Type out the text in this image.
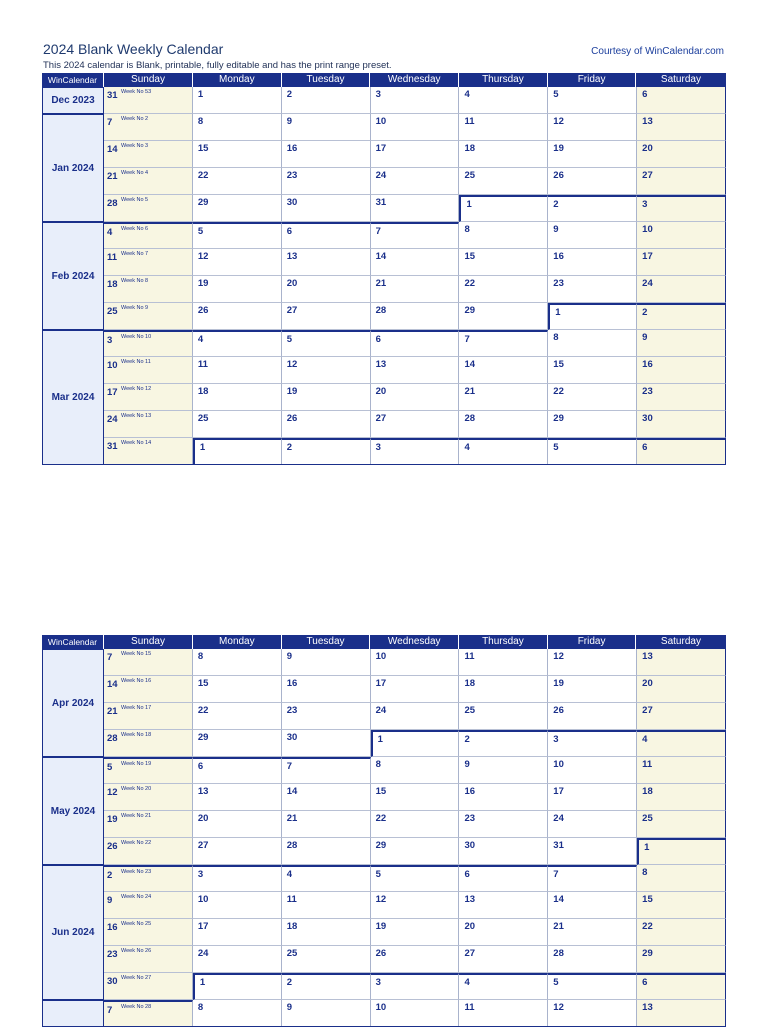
2024 Blank Weekly Calendar
This 2024 calendar is Blank, printable, fully editable and has the print range preset.
Courtesy of WinCalendar.com
WinCalendar	Sunday	Monday	Tuesday	Wednesday	Thursday	Friday	Saturday
Dec 2023
Jan 2024
Feb 2024
Mar 2024
31 Week No 53	1	2	3	4	5	6
7 Week No 2	8	9	10	11	12	13
14 Week No 3	15	16	17	18	19	20
21 Week No 4	22	23	24	25	26	27
28 Week No 5	29	30	31	1	2	3
4 Week No 6	5	6	7	8	9	10
11 Week No 7	12	13	14	15	16	17
18 Week No 8	19	20	21	22	23	24
25 Week No 9	26	27	28	29	1	2
3 Week No 10	4	5	6	7	8	9
10 Week No 11	11	12	13	14	15	16
17 Week No 12	18	19	20	21	22	23
24 Week No 13	25	26	27	28	29	30
31 Week No 14	1	2	3	4	5	6
WinCalendar	Sunday	Monday	Tuesday	Wednesday	Thursday	Friday	Saturday
Apr 2024
May 2024
Jun 2024
7 Week No 15	8	9	10	11	12	13
14 Week No 16	15	16	17	18	19	20
21 Week No 17	22	23	24	25	26	27
28 Week No 18	29	30	1	2	3	4
5 Week No 19	6	7	8	9	10	11
12 Week No 20	13	14	15	16	17	18
19 Week No 21	20	21	22	23	24	25
26 Week No 22	27	28	29	30	31	1
2 Week No 23	3	4	5	6	7	8
9 Week No 24	10	11	12	13	14	15
16 Week No 25	17	18	19	20	21	22
23 Week No 26	24	25	26	27	28	29
30 Week No 27	1	2	3	4	5	6
7 Week No 28	8	9	10	11	12	13
